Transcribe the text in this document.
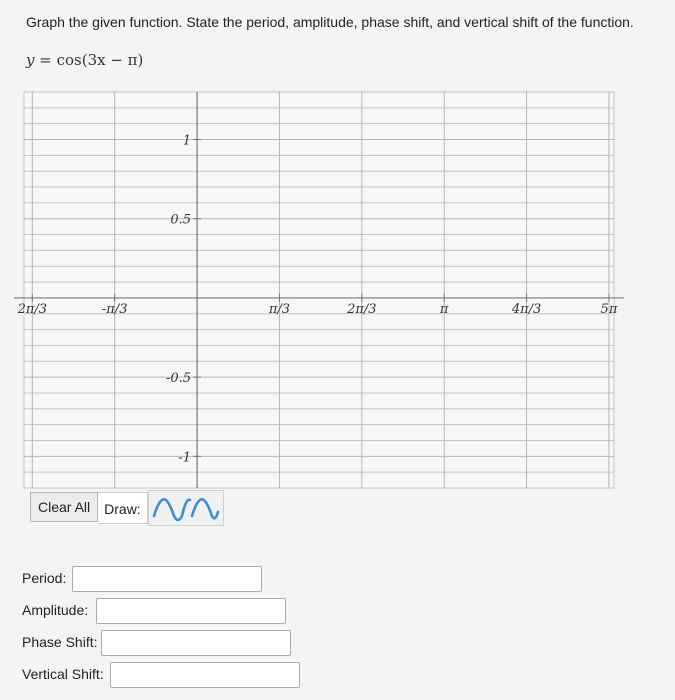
Graph the given function. State the period, amplitude, phase shift, and vertical shift of the function.
y = cos(3x − π)
2π/3	-π/3	π/3	2π/3	π	4π/3	5π
1
0.5
-0.5
-1
Clear All	Draw:
Period:
Amplitude:
Phase Shift:
Vertical Shift:
